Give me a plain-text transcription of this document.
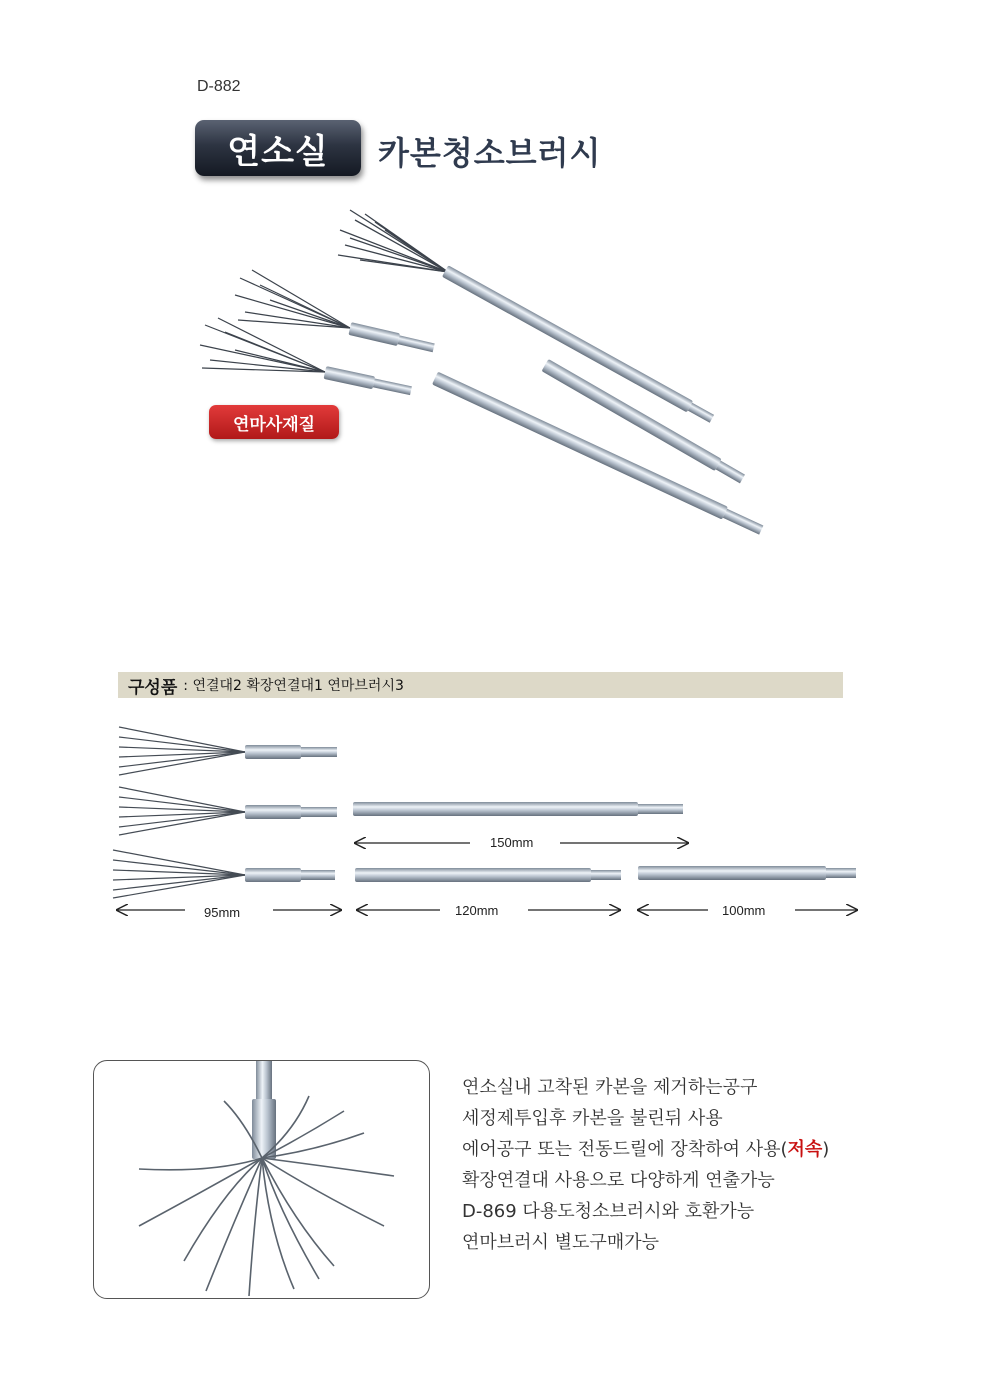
D-882
연소실	카본청소브러시
연마사재질
구성품 : 연결대2 확장연결대1 연마브러시3
150mm
95mm	120mm	100mm
연소실내 고착된 카본을 제거하는공구
세정제투입후 카본을 불린뒤 사용
에어공구 또는 전동드릴에 장착하여 사용(저속)
확장연결대 사용으로 다양하게 연출가능
D-869 다용도청소브러시와 호환가능
연마브러시 별도구매가능
